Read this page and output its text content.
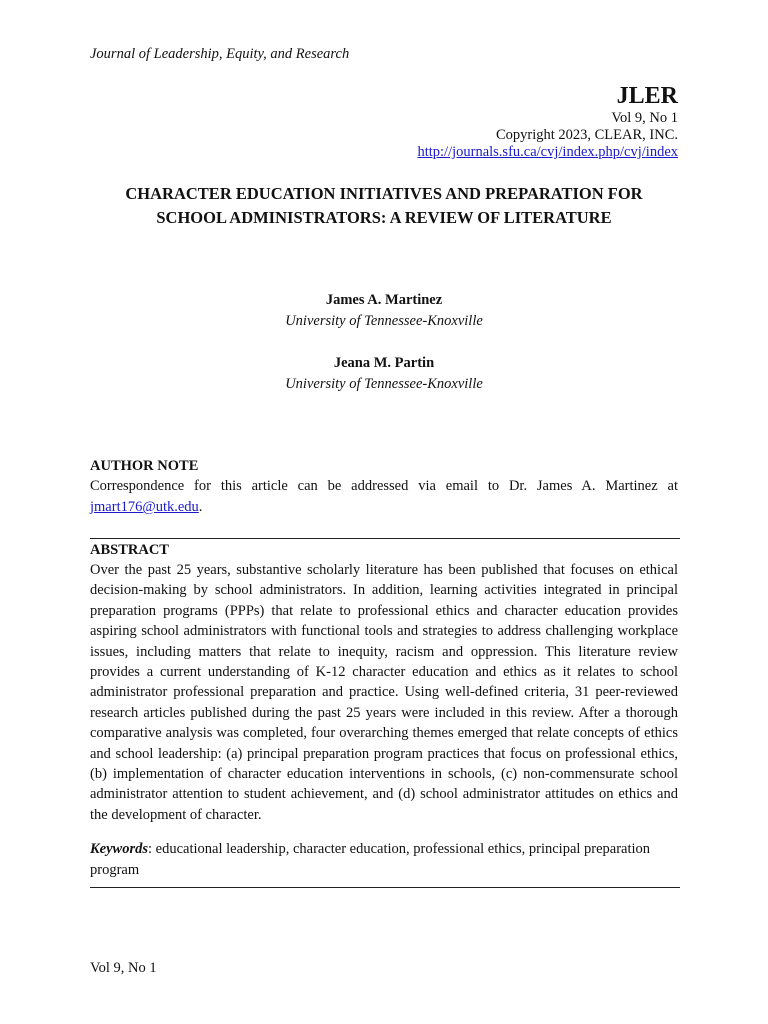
Journal of Leadership, Equity, and Research
JLER
Vol 9, No 1
Copyright 2023, CLEAR, INC.
http://journals.sfu.ca/cvj/index.php/cvj/index
CHARACTER EDUCATION INITIATIVES AND PREPARATION FOR SCHOOL ADMINISTRATORS: A REVIEW OF LITERATURE
James A. Martinez
University of Tennessee-Knoxville
Jeana M. Partin
University of Tennessee-Knoxville
AUTHOR NOTE

Correspondence for this article can be addressed via email to Dr. James A. Martinez at jmart176@utk.edu.

ABSTRACT

Over the past 25 years, substantive scholarly literature has been published that focuses on ethical decision-making by school administrators. In addition, learning activities integrated in principal preparation programs (PPPs) that relate to professional ethics and character education provides aspiring school administrators with functional tools and strategies to address challenging workplace issues, including matters that relate to inequity, racism and oppression. This literature review provides a current understanding of K-12 character education and ethics as it relates to school administrator professional preparation and practice. Using well-defined criteria, 31 peer-reviewed research articles published during the past 25 years were included in this review. After a thorough comparative analysis was completed, four overarching themes emerged that relate concepts of ethics and school leadership: (a) principal preparation program practices that focus on professional ethics, (b) implementation of character education interventions in schools, (c) non-commensurate school administrator attention to student achievement, and (d) school administrator attitudes on ethics and the development of character.

Keywords: educational leadership, character education, professional ethics, principal preparation program

Vol 9, No 1
